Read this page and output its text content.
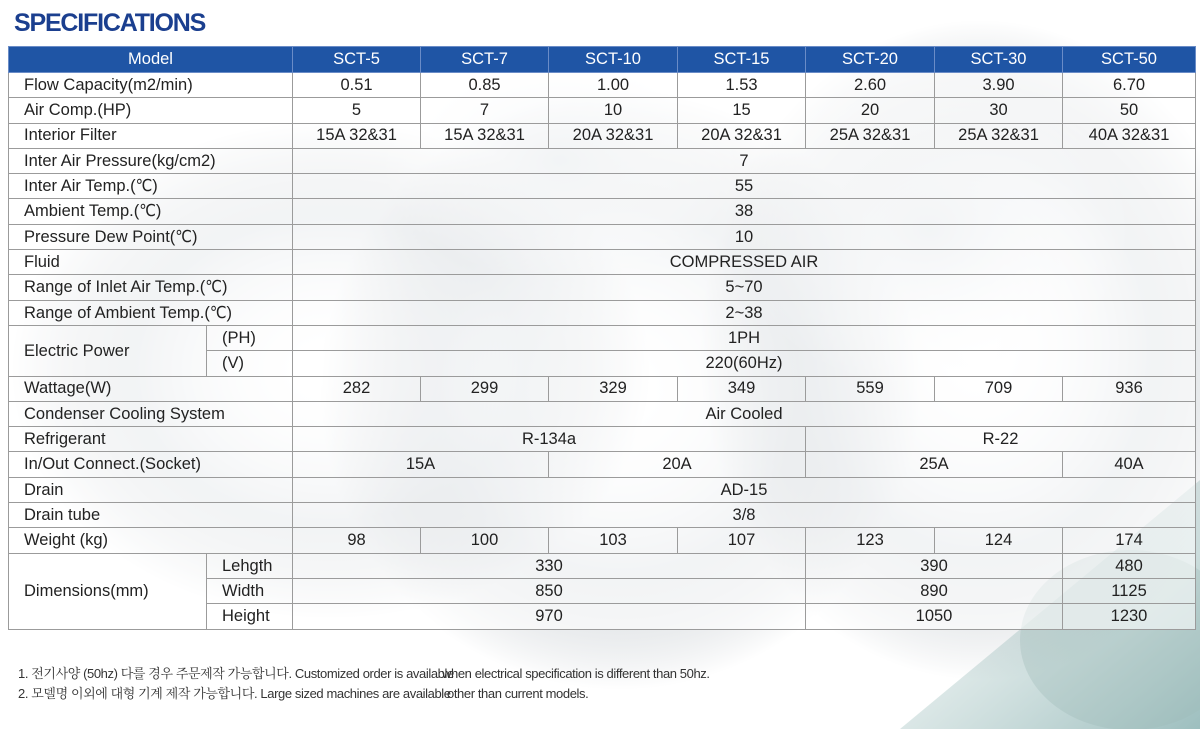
SPECIFICATIONS
Model		SCT-5	SCT-7	SCT-10	SCT-15	SCT-20	SCT-30	SCT-50
Flow Capacity(m2/min)		0.51	0.85	1.00	1.53	2.60	3.90	6.70
Air Comp.(HP)		5	7	10	15	20	30	50
Interior Filter		15A 32&31	15A 32&31	20A 32&31	20A 32&31	25A 32&31	25A 32&31	40A 32&31
Inter Air Pressure(kg/cm2)		7						
Inter Air Temp.(℃)		55						
Ambient Temp.(℃)		38						
Pressure Dew Point(℃)		10						
Fluid		COMPRESSED AIR						
Range of Inlet Air Temp.(℃)		5~70						
Range of Ambient Temp.(℃)		2~38						
Electric Power	(PH)	1PH						
	(V)	220(60Hz)						
Wattage(W)		282	299	329	349	559	709	936
Condenser Cooling System		Air Cooled						
Refrigerant		R-134a				R-22		
In/Out Connect.(Socket)		15A		20A		25A		40A
Drain		AD-15						
Drain tube		3/8						
Weight (kg)		98	100	103	107	123	124	174
Dimensions(mm)	Lehgth	330				390		480
	Width	850				890		1125
	Height	970				1050		1230
1. 전기사양 (50hz) 다를 경우 주문제작 가능합니다. Customized order is available
when electrical specification is different than 50hz.
2. 모델명 이외에 대형 기계 제작 가능합니다. Large sized machines are available
other than current models.
